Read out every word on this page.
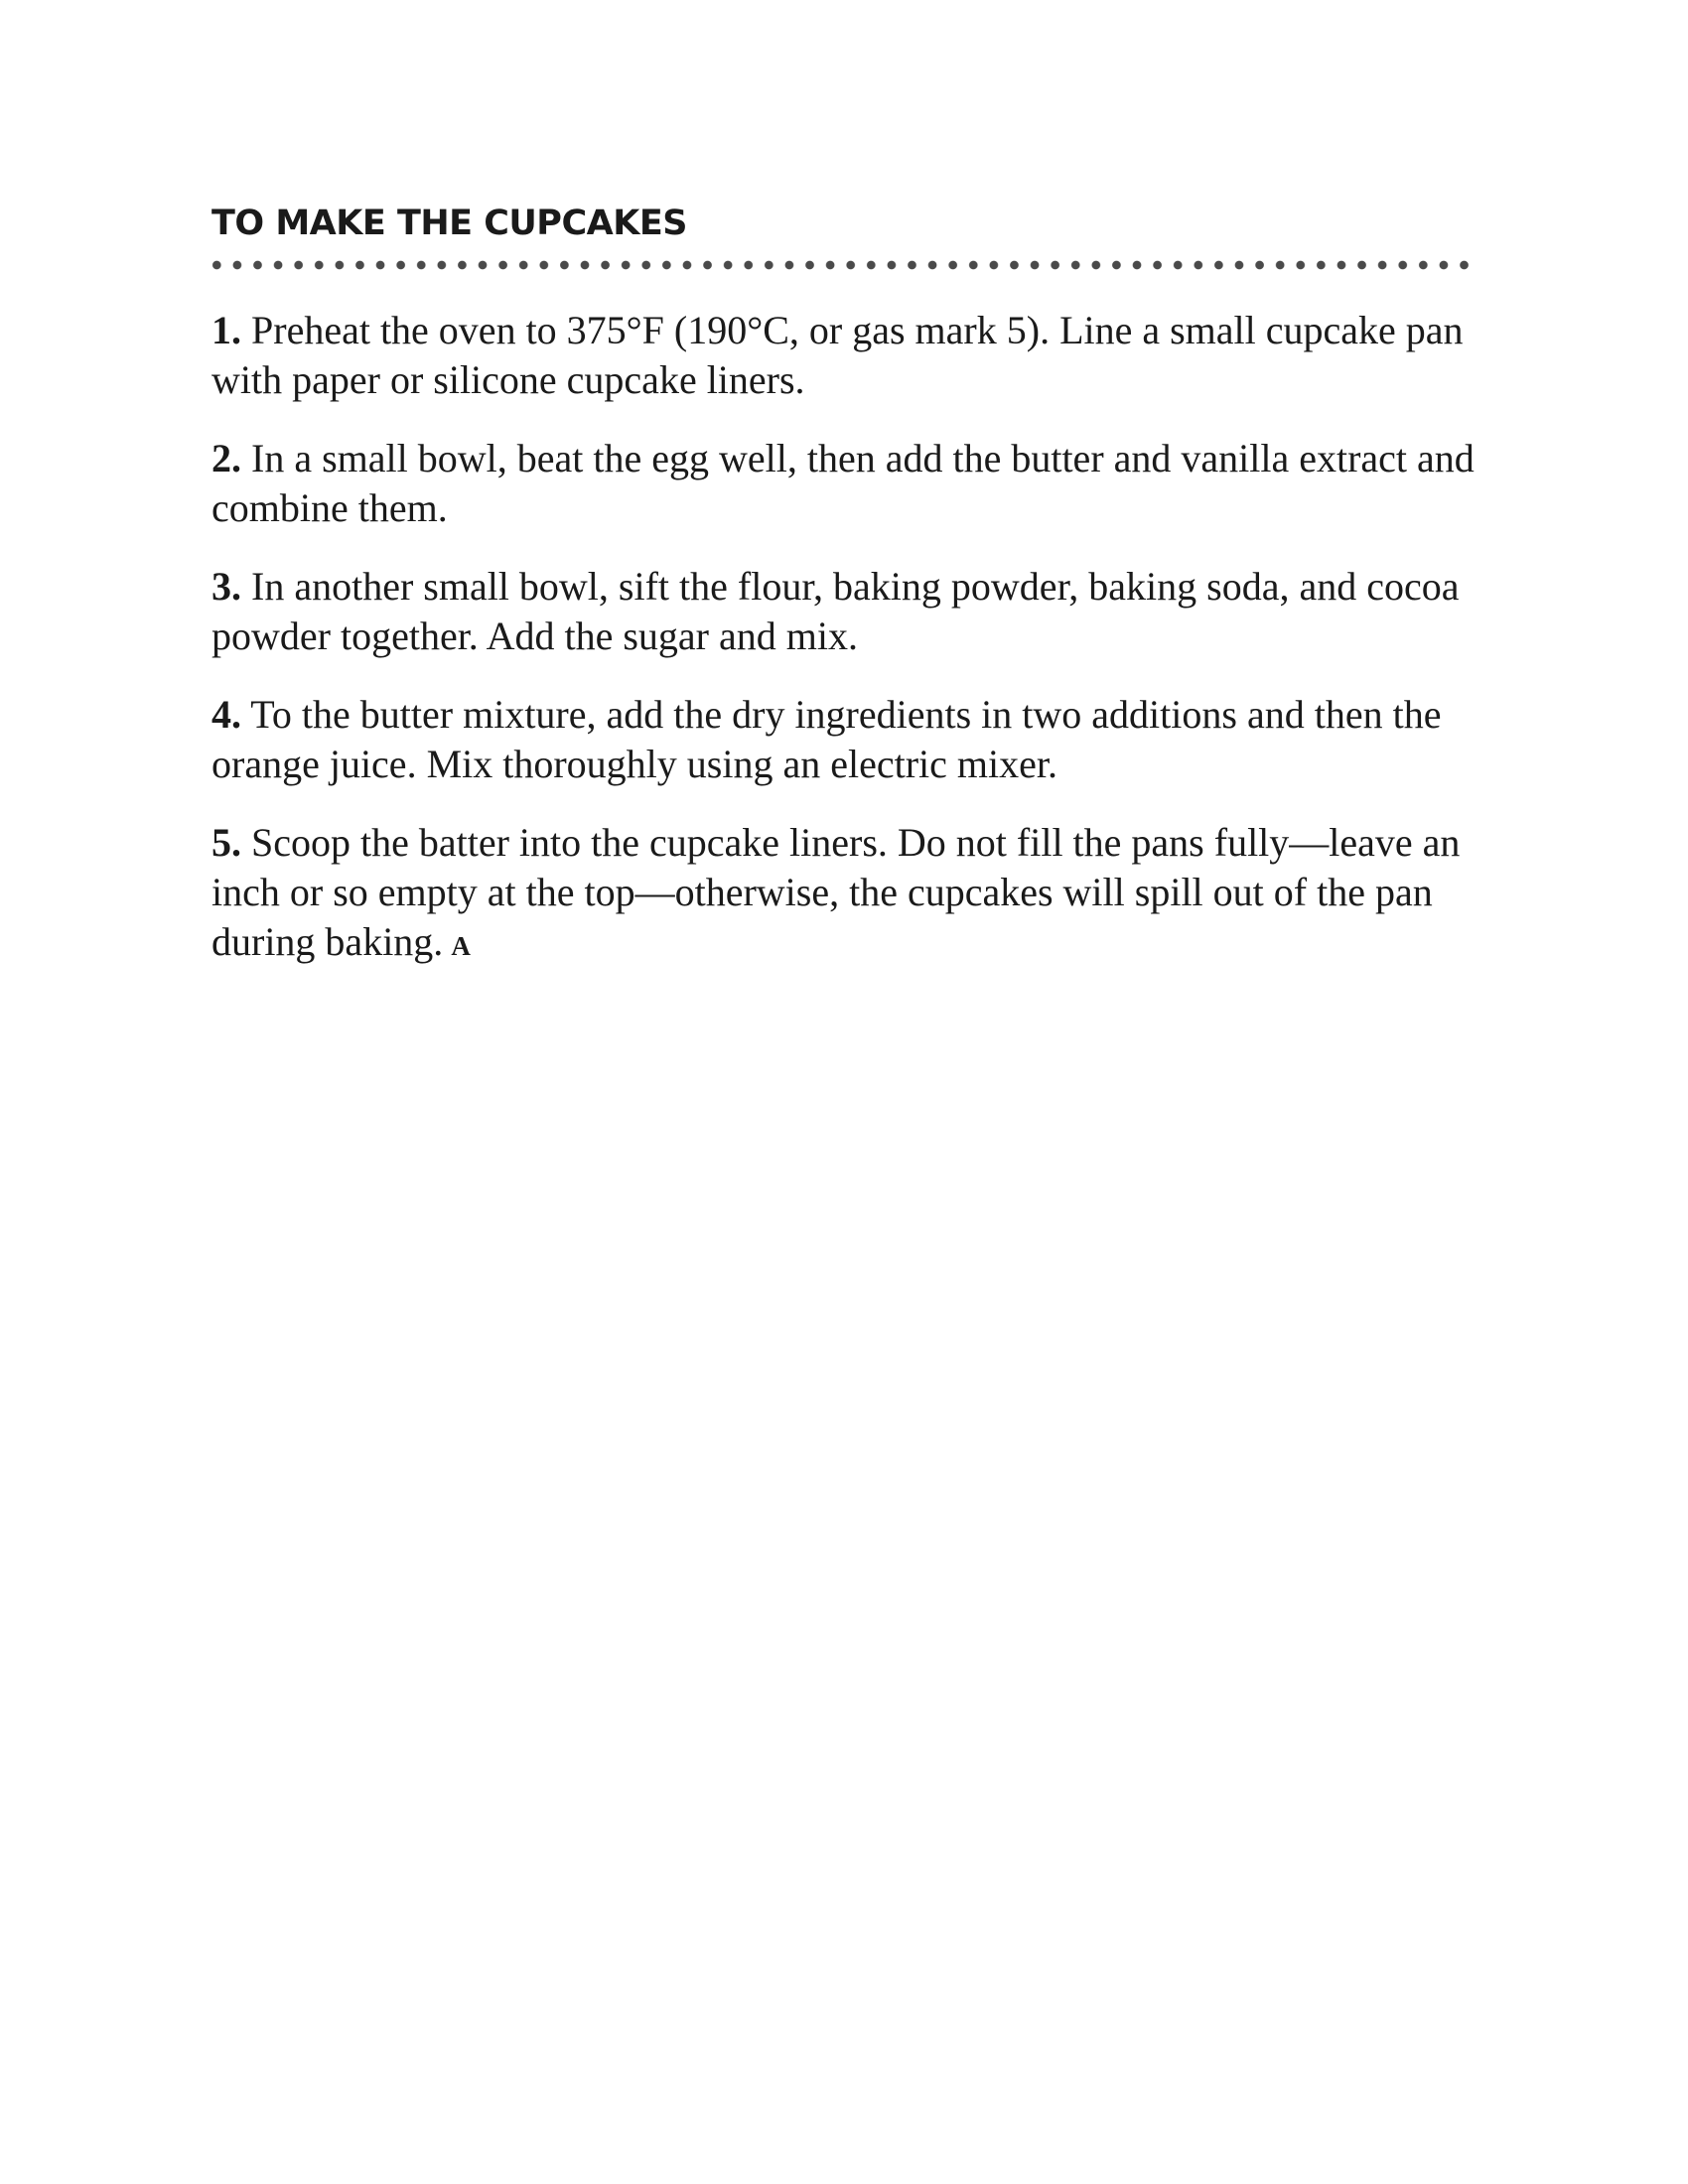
TO MAKE THE CUPCAKES
1. Preheat the oven to 375°F (190°C, or gas mark 5). Line a small cupcake pan with paper or silicone cupcake liners.
2. In a small bowl, beat the egg well, then add the butter and vanilla extract and combine them.
3. In another small bowl, sift the flour, baking powder, baking soda, and cocoa powder together. Add the sugar and mix.
4. To the butter mixture, add the dry ingredients in two additions and then the orange juice. Mix thoroughly using an electric mixer.
5. Scoop the batter into the cupcake liners. Do not fill the pans fully—leave an inch or so empty at the top—otherwise, the cupcakes will spill out of the pan during baking. A
